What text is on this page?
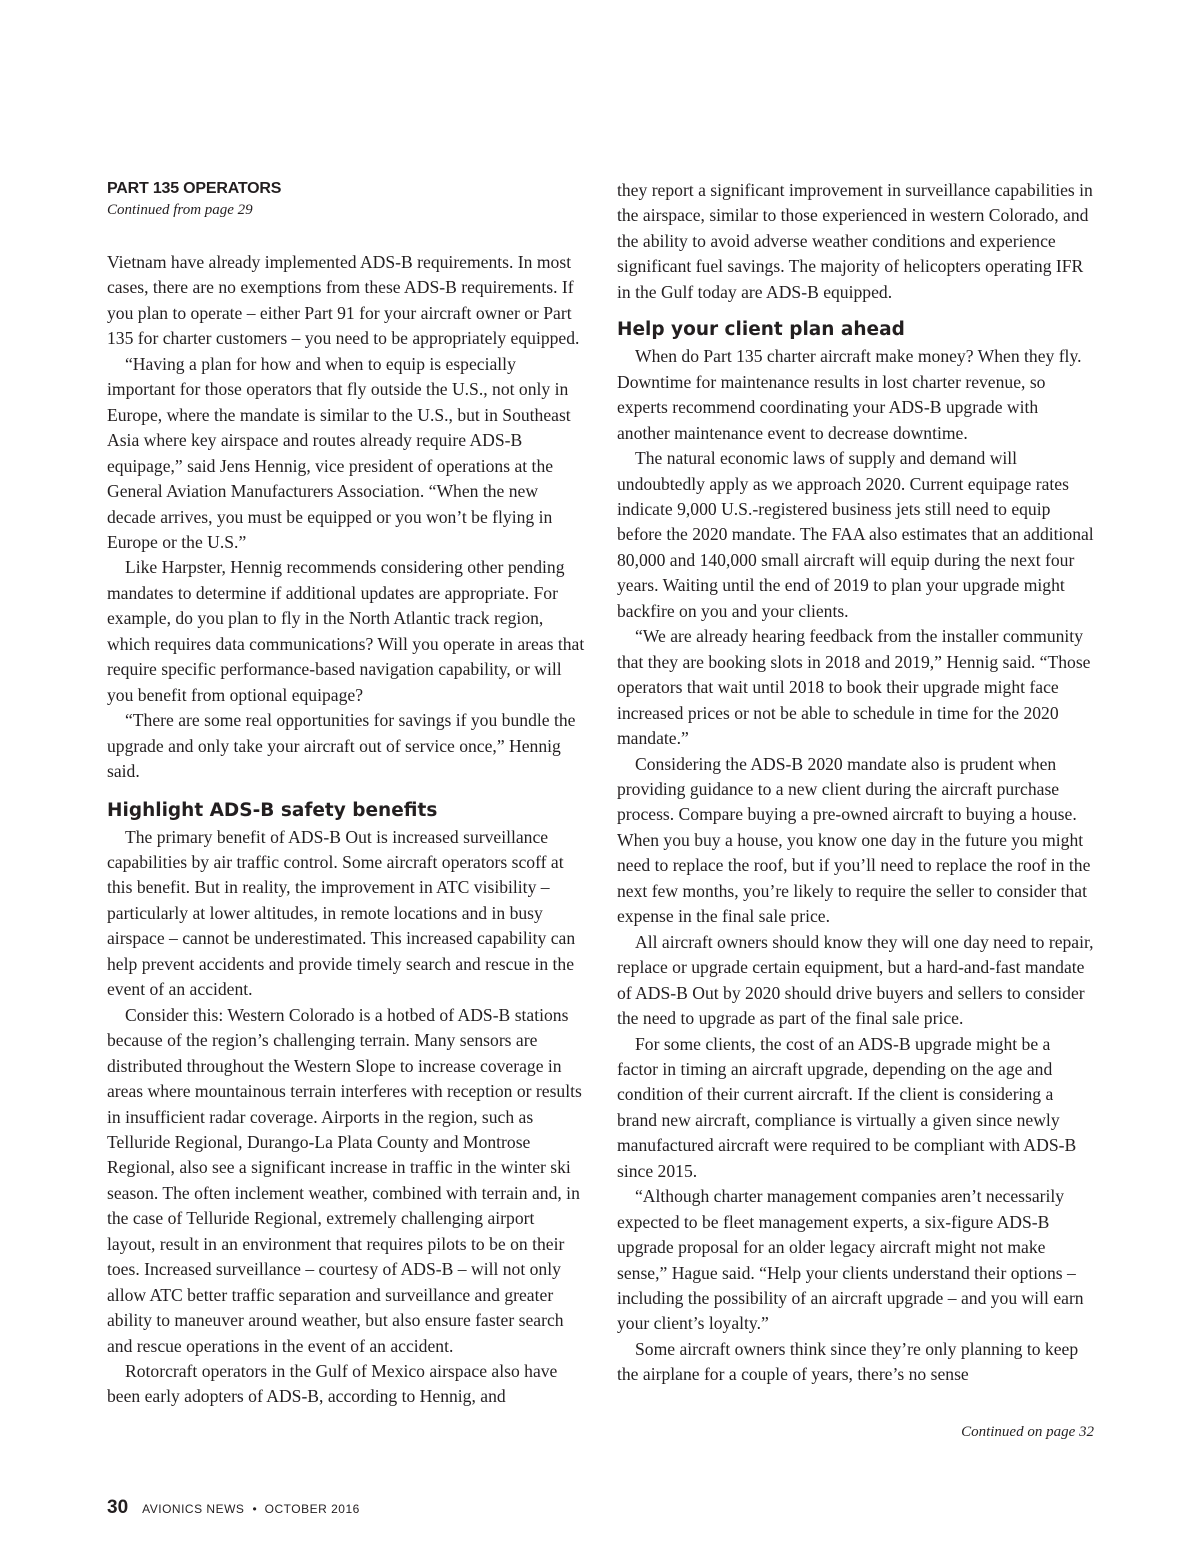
PART 135 OPERATORS

Continued from page 29

Vietnam have already implemented ADS-B requirements. In most cases, there are no exemptions from these ADS-B requirements. If you plan to operate – either Part 91 for your aircraft owner or Part 135 for charter customers – you need to be appropriately equipped.

“Having a plan for how and when to equip is especially important for those operators that fly outside the U.S., not only in Europe, where the mandate is similar to the U.S., but in Southeast Asia where key airspace and routes already require ADS-B equipage,” said Jens Hennig, vice president of operations at the General Aviation Manufacturers Association. “When the new decade arrives, you must be equipped or you won’t be flying in Europe or the U.S.”

Like Harpster, Hennig recommends considering other pending mandates to determine if additional updates are appropriate. For example, do you plan to fly in the North Atlantic track region, which requires data communications? Will you operate in areas that require specific performance-based navigation capability, or will you benefit from optional equipage?

“There are some real opportunities for savings if you bundle the upgrade and only take your aircraft out of service once,” Hennig said.

Highlight ADS-B safety benefits

The primary benefit of ADS-B Out is increased surveillance capabilities by air traffic control. Some aircraft operators scoff at this benefit. But in reality, the improvement in ATC visibility – particularly at lower altitudes, in remote locations and in busy airspace – cannot be underestimated. This increased capability can help prevent accidents and provide timely search and rescue in the event of an accident.

Consider this: Western Colorado is a hotbed of ADS-B stations because of the region’s challenging terrain. Many sensors are distributed throughout the Western Slope to increase coverage in areas where mountainous terrain interferes with reception or results in insufficient radar coverage. Airports in the region, such as Telluride Regional, Durango-La Plata County and Montrose Regional, also see a significant increase in traffic in the winter ski season. The often inclement weather, combined with terrain and, in the case of Telluride Regional, extremely challenging airport layout, result in an environment that requires pilots to be on their toes. Increased surveillance – courtesy of ADS-B – will not only allow ATC better traffic separation and surveillance and greater ability to maneuver around weather, but also ensure faster search and rescue operations in the event of an accident.

Rotorcraft operators in the Gulf of Mexico airspace also have been early adopters of ADS-B, according to Hennig, and

they report a significant improvement in surveillance capabilities in the airspace, similar to those experienced in western Colorado, and the ability to avoid adverse weather conditions and experience significant fuel savings. The majority of helicopters operating IFR in the Gulf today are ADS-B equipped.

Help your client plan ahead

When do Part 135 charter aircraft make money? When they fly. Downtime for maintenance results in lost charter revenue, so experts recommend coordinating your ADS-B upgrade with another maintenance event to decrease downtime.

The natural economic laws of supply and demand will undoubtedly apply as we approach 2020. Current equipage rates indicate 9,000 U.S.-registered business jets still need to equip before the 2020 mandate. The FAA also estimates that an additional 80,000 and 140,000 small aircraft will equip during the next four years. Waiting until the end of 2019 to plan your upgrade might backfire on you and your clients.

“We are already hearing feedback from the installer community that they are booking slots in 2018 and 2019,” Hennig said. “Those operators that wait until 2018 to book their upgrade might face increased prices or not be able to schedule in time for the 2020 mandate.”

Considering the ADS-B 2020 mandate also is prudent when providing guidance to a new client during the aircraft purchase process. Compare buying a pre-owned aircraft to buying a house. When you buy a house, you know one day in the future you might need to replace the roof, but if you’ll need to replace the roof in the next few months, you’re likely to require the seller to consider that expense in the final sale price.

All aircraft owners should know they will one day need to repair, replace or upgrade certain equipment, but a hard-and-fast mandate of ADS-B Out by 2020 should drive buyers and sellers to consider the need to upgrade as part of the final sale price.

For some clients, the cost of an ADS-B upgrade might be a factor in timing an aircraft upgrade, depending on the age and condition of their current aircraft. If the client is considering a brand new aircraft, compliance is virtually a given since newly manufactured aircraft were required to be compliant with ADS-B since 2015.

“Although charter management companies aren’t necessarily expected to be fleet management experts, a six-figure ADS-B upgrade proposal for an older legacy aircraft might not make sense,” Hague said. “Help your clients understand their options – including the possibility of an aircraft upgrade – and you will earn your client’s loyalty.”

Some aircraft owners think since they’re only planning to keep the airplane for a couple of years, there’s no sense

Continued on page 32
30 AVIONICS NEWS • OCTOBER 2016
